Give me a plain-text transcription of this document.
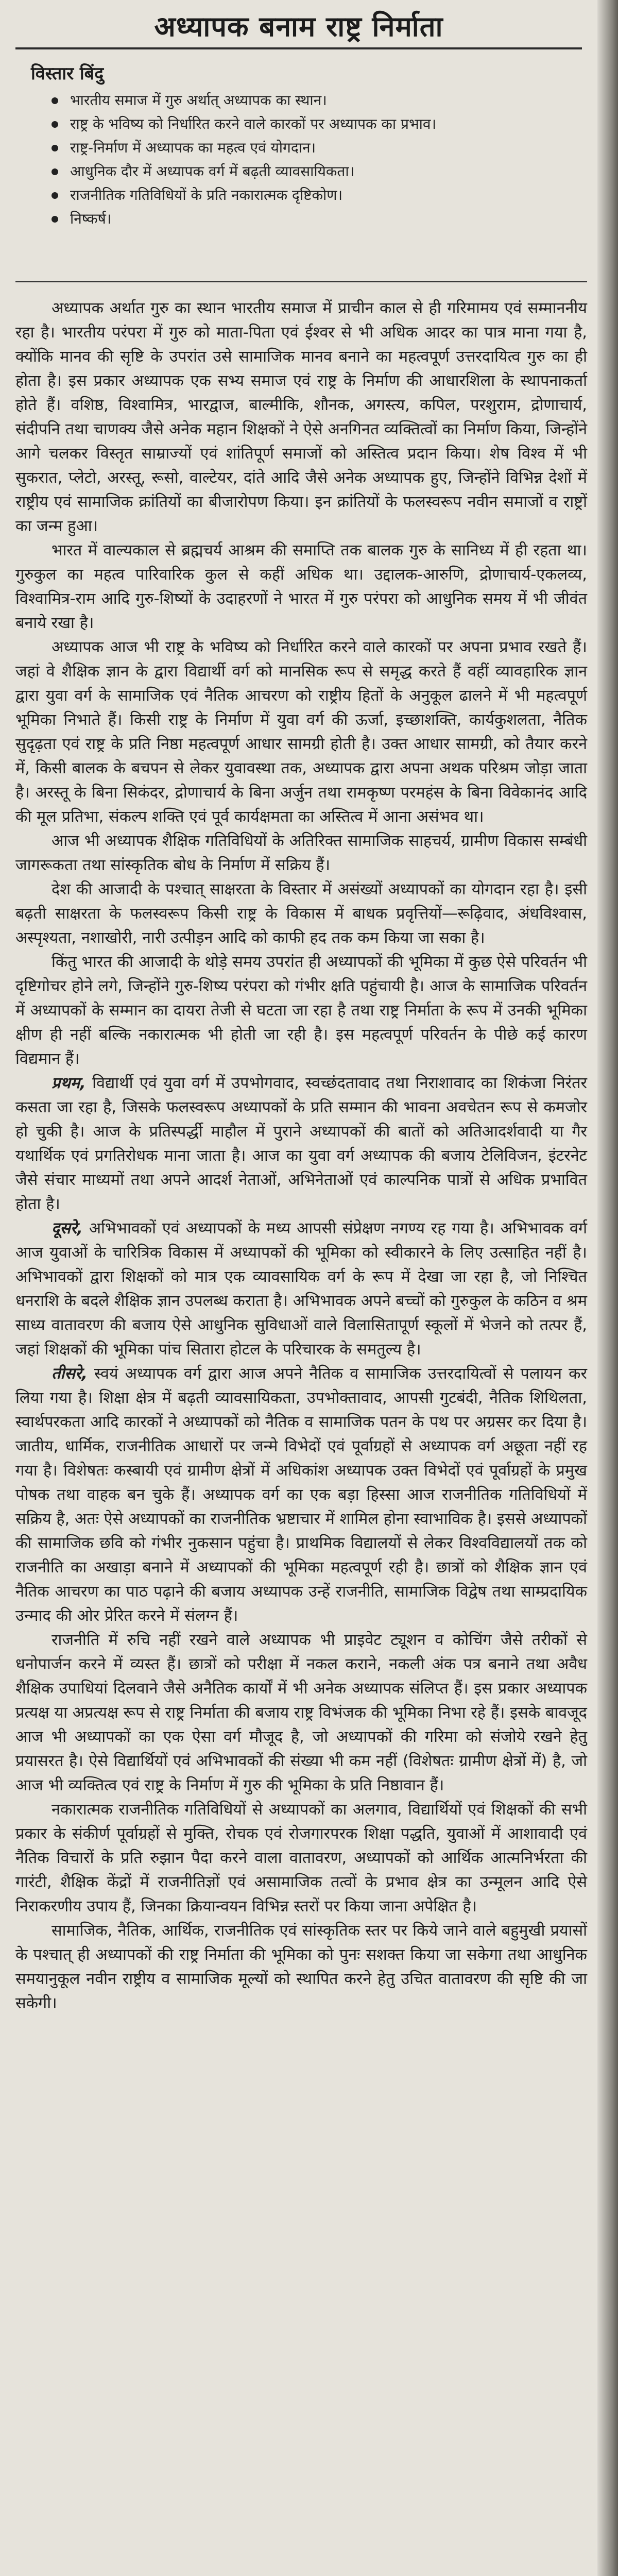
अध्यापक बनाम राष्ट्र निर्माता
विस्तार बिंदु
भारतीय समाज में गुरु अर्थात् अध्यापक का स्थान।
राष्ट्र के भविष्य को निर्धारित करने वाले कारकों पर अध्यापक का प्रभाव।
राष्ट्र-निर्माण में अध्यापक का महत्व एवं योगदान।
आधुनिक दौर में अध्यापक वर्ग में बढ़ती व्यावसायिकता।
राजनीतिक गतिविधियों के प्रति नकारात्मक दृष्टिकोण।
निष्कर्ष।

अध्यापक अर्थात गुरु का स्थान भारतीय समाज में प्राचीन काल से ही गरिमामय एवं सम्माननीय रहा है। भारतीय परंपरा में गुरु को माता-पिता एवं ईश्वर से भी अधिक आदर का पात्र माना गया है, क्योंकि मानव की सृष्टि के उपरांत उसे सामाजिक मानव बनाने का महत्वपूर्ण उत्तरदायित्व गुरु का ही होता है। इस प्रकार अध्यापक एक सभ्य समाज एवं राष्ट्र के निर्माण की आधारशिला के स्थापनाकर्ता होते हैं। वशिष्ठ, विश्वामित्र, भारद्वाज, बाल्मीकि, शौनक, अगस्त्य, कपिल, परशुराम, द्रोणाचार्य, संदीपनि तथा चाणक्य जैसे अनेक महान शिक्षकों ने ऐसे अनगिनत व्यक्तित्वों का निर्माण किया, जिन्होंने आगे चलकर विस्तृत साम्राज्यों एवं शांतिपूर्ण समाजों को अस्तित्व प्रदान किया। शेष विश्व में भी सुकरात, प्लेटो, अरस्तू, रूसो, वाल्टेयर, दांते आदि जैसे अनेक अध्यापक हुए, जिन्होंने विभिन्न देशों में राष्ट्रीय एवं सामाजिक क्रांतियों का बीजारोपण किया। इन क्रांतियों के फलस्वरूप नवीन समाजों व राष्ट्रों का जन्म हुआ।

भारत में वाल्यकाल से ब्रह्मचर्य आश्रम की समाप्ति तक बालक गुरु के सानिध्य में ही रहता था। गुरुकुल का महत्व पारिवारिक कुल से कहीं अधिक था। उद्दालक-आरुणि, द्रोणाचार्य-एकलव्य, विश्वामित्र-राम आदि गुरु-शिष्यों के उदाहरणों ने भारत में गुरु परंपरा को आधुनिक समय में भी जीवंत बनाये रखा है।

अध्यापक आज भी राष्ट्र के भविष्य को निर्धारित करने वाले कारकों पर अपना प्रभाव रखते हैं। जहां वे शैक्षिक ज्ञान के द्वारा विद्यार्थी वर्ग को मानसिक रूप से समृद्ध करते हैं वहीं व्यावहारिक ज्ञान द्वारा युवा वर्ग के सामाजिक एवं नैतिक आचरण को राष्ट्रीय हितों के अनुकूल ढालने में भी महत्वपूर्ण भूमिका निभाते हैं। किसी राष्ट्र के निर्माण में युवा वर्ग की ऊर्जा, इच्छाशक्ति, कार्यकुशलता, नैतिक सुदृढ़ता एवं राष्ट्र के प्रति निष्ठा महत्वपूर्ण आधार सामग्री होती है। उक्त आधार सामग्री, को तैयार करने में, किसी बालक के बचपन से लेकर युवावस्था तक, अध्यापक द्वारा अपना अथक परिश्रम जोड़ा जाता है। अरस्तू के बिना सिकंदर, द्रोणाचार्य के बिना अर्जुन तथा रामकृष्ण परमहंस के बिना विवेकानंद आदि की मूल प्रतिभा, संकल्प शक्ति एवं पूर्व कार्यक्षमता का अस्तित्व में आना असंभव था।

आज भी अध्यापक शैक्षिक गतिविधियों के अतिरिक्त सामाजिक साहचर्य, ग्रामीण विकास सम्बंधी जागरूकता तथा सांस्कृतिक बोध के निर्माण में सक्रिय हैं।

देश की आजादी के पश्चात् साक्षरता के विस्तार में असंख्यों अध्यापकों का योगदान रहा है। इसी बढ़ती साक्षरता के फलस्वरूप किसी राष्ट्र के विकास में बाधक प्रवृत्तियों—रूढ़िवाद, अंधविश्वास, अस्पृश्यता, नशाखोरी, नारी उत्पीड़न आदि को काफी हद तक कम किया जा सका है।

किंतु भारत की आजादी के थोड़े समय उपरांत ही अध्यापकों की भूमिका में कुछ ऐसे परिवर्तन भी दृष्टिगोचर होने लगे, जिन्होंने गुरु-शिष्य परंपरा को गंभीर क्षति पहुंचायी है। आज के सामाजिक परिवर्तन में अध्यापकों के सम्मान का दायरा तेजी से घटता जा रहा है तथा राष्ट्र निर्माता के रूप में उनकी भूमिका क्षीण ही नहीं बल्कि नकारात्मक भी होती जा रही है। इस महत्वपूर्ण परिवर्तन के पीछे कई कारण विद्यमान हैं।

प्रथम, विद्यार्थी एवं युवा वर्ग में उपभोगवाद, स्वच्छंदतावाद तथा निराशावाद का शिकंजा निरंतर कसता जा रहा है, जिसके फलस्वरूप अध्यापकों के प्रति सम्मान की भावना अवचेतन रूप से कमजोर हो चुकी है। आज के प्रतिस्पर्द्धी माहौल में पुराने अध्यापकों की बातों को अतिआदर्शवादी या गैर यथार्थिक एवं प्रगतिरोधक माना जाता है। आज का युवा वर्ग अध्यापक की बजाय टेलिविजन, इंटरनेट जैसे संचार माध्यमों तथा अपने आदर्श नेताओं, अभिनेताओं एवं काल्पनिक पात्रों से अधिक प्रभावित होता है।

दूसरे, अभिभावकों एवं अध्यापकों के मध्य आपसी संप्रेक्षण नगण्य रह गया है। अभिभावक वर्ग आज युवाओं के चारित्रिक विकास में अध्यापकों की भूमिका को स्वीकारने के लिए उत्साहित नहीं है। अभिभावकों द्वारा शिक्षकों को मात्र एक व्यावसायिक वर्ग के रूप में देखा जा रहा है, जो निश्चित धनराशि के बदले शैक्षिक ज्ञान उपलब्ध कराता है। अभिभावक अपने बच्चों को गुरुकुल के कठिन व श्रम साध्य वातावरण की बजाय ऐसे आधुनिक सुविधाओं वाले विलासितापूर्ण स्कूलों में भेजने को तत्पर हैं, जहां शिक्षकों की भूमिका पांच सितारा होटल के परिचारक के समतुल्य है।

तीसरे, स्वयं अध्यापक वर्ग द्वारा आज अपने नैतिक व सामाजिक उत्तरदायित्वों से पलायन कर लिया गया है। शिक्षा क्षेत्र में बढ़ती व्यावसायिकता, उपभोक्तावाद, आपसी गुटबंदी, नैतिक शिथिलता, स्वार्थपरकता आदि कारकों ने अध्यापकों को नैतिक व सामाजिक पतन के पथ पर अग्रसर कर दिया है। जातीय, धार्मिक, राजनीतिक आधारों पर जन्मे विभेदों एवं पूर्वाग्रहों से अध्यापक वर्ग अछूता नहीं रह गया है। विशेषतः कस्बायी एवं ग्रामीण क्षेत्रों में अधिकांश अध्यापक उक्त विभेदों एवं पूर्वाग्रहों के प्रमुख पोषक तथा वाहक बन चुके हैं। अध्यापक वर्ग का एक बड़ा हिस्सा आज राजनीतिक गतिविधियों में सक्रिय है, अतः ऐसे अध्यापकों का राजनीतिक भ्रष्टाचार में शामिल होना स्वाभाविक है। इससे अध्यापकों की सामाजिक छवि को गंभीर नुकसान पहुंचा है। प्राथमिक विद्यालयों से लेकर विश्वविद्यालयों तक को राजनीति का अखाड़ा बनाने में अध्यापकों की भूमिका महत्वपूर्ण रही है। छात्रों को शैक्षिक ज्ञान एवं नैतिक आचरण का पाठ पढ़ाने की बजाय अध्यापक उन्हें राजनीति, सामाजिक विद्वेष तथा साम्प्रदायिक उन्माद की ओर प्रेरित करने में संलग्न हैं।

राजनीति में रुचि नहीं रखने वाले अध्यापक भी प्राइवेट ट्यूशन व कोचिंग जैसे तरीकों से धनोपार्जन करने में व्यस्त हैं। छात्रों को परीक्षा में नकल कराने, नकली अंक पत्र बनाने तथा अवैध शैक्षिक उपाधियां दिलवाने जैसे अनैतिक कार्यों में भी अनेक अध्यापक संलिप्त हैं। इस प्रकार अध्यापक प्रत्यक्ष या अप्रत्यक्ष रूप से राष्ट्र निर्माता की बजाय राष्ट्र विभंजक की भूमिका निभा रहे हैं। इसके बावजूद आज भी अध्यापकों का एक ऐसा वर्ग मौजूद है, जो अध्यापकों की गरिमा को संजोये रखने हेतु प्रयासरत है। ऐसे विद्यार्थियों एवं अभिभावकों की संख्या भी कम नहीं (विशेषतः ग्रामीण क्षेत्रों में) है, जो आज भी व्यक्तित्व एवं राष्ट्र के निर्माण में गुरु की भूमिका के प्रति निष्ठावान हैं।

नकारात्मक राजनीतिक गतिविधियों से अध्यापकों का अलगाव, विद्यार्थियों एवं शिक्षकों की सभी प्रकार के संकीर्ण पूर्वाग्रहों से मुक्ति, रोचक एवं रोजगारपरक शिक्षा पद्धति, युवाओं में आशावादी एवं नैतिक विचारों के प्रति रुझान पैदा करने वाला वातावरण, अध्यापकों को आर्थिक आत्मनिर्भरता की गारंटी, शैक्षिक केंद्रों में राजनीतिज्ञों एवं असामाजिक तत्वों के प्रभाव क्षेत्र का उन्मूलन आदि ऐसे निराकरणीय उपाय हैं, जिनका क्रियान्वयन विभिन्न स्तरों पर किया जाना अपेक्षित है।

सामाजिक, नैतिक, आर्थिक, राजनीतिक एवं सांस्कृतिक स्तर पर किये जाने वाले बहुमुखी प्रयासों के पश्चात् ही अध्यापकों की राष्ट्र निर्माता की भूमिका को पुनः सशक्त किया जा सकेगा तथा आधुनिक समयानुकूल नवीन राष्ट्रीय व सामाजिक मूल्यों को स्थापित करने हेतु उचित वातावरण की सृष्टि की जा सकेगी।
